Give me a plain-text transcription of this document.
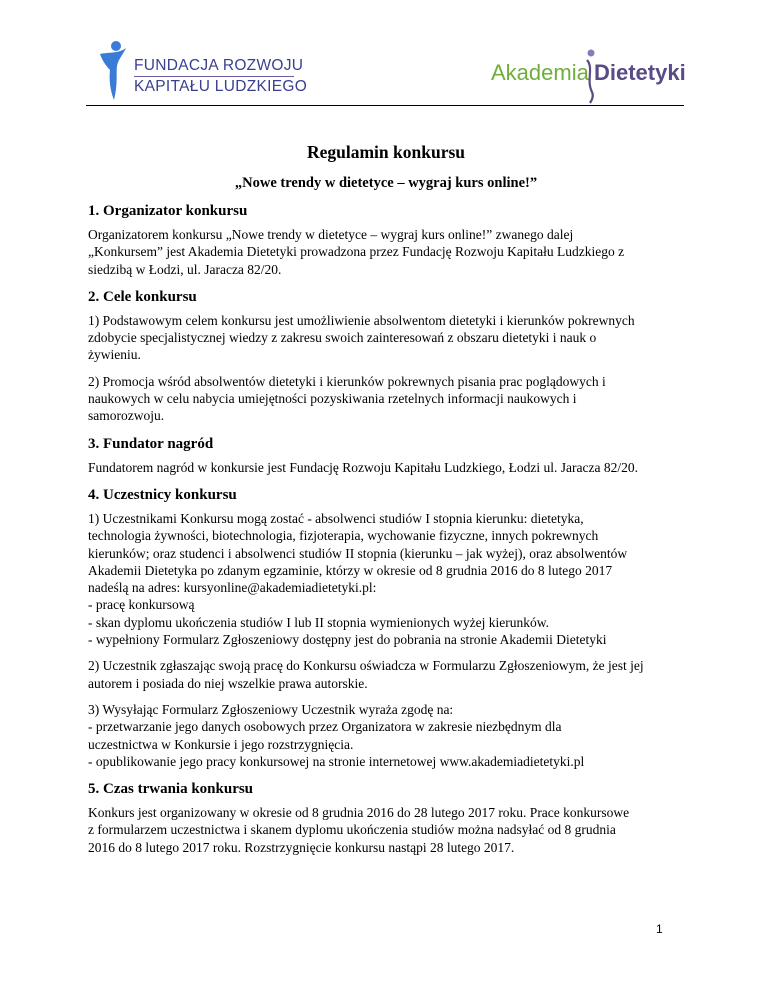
FUNDACJA ROZWOJU
KAPITAŁU LUDZKIEGO
Akademia Dietetyki
Regulamin konkursu
„Nowe trendy w dietetyce – wygraj kurs online!”
1. Organizator konkursu

Organizatorem konkursu „Nowe trendy w dietetyce – wygraj kurs online!” zwanego dalej
„Konkursem” jest Akademia Dietetyki prowadzona przez Fundację Rozwoju Kapitału Ludzkiego z
siedzibą w Łodzi, ul. Jaracza 82/20.

2. Cele konkursu

1) Podstawowym celem konkursu jest umożliwienie absolwentom dietetyki i kierunków pokrewnych
zdobycie specjalistycznej wiedzy z zakresu swoich zainteresowań z obszaru dietetyki i nauk o
żywieniu.

2) Promocja wśród absolwentów dietetyki i kierunków pokrewnych pisania prac poglądowych i
naukowych w celu nabycia umiejętności pozyskiwania rzetelnych informacji naukowych i
samorozwoju.

3. Fundator nagród

Fundatorem nagród w konkursie jest Fundację Rozwoju Kapitału Ludzkiego, Łodzi ul. Jaracza 82/20.

4. Uczestnicy konkursu

1) Uczestnikami Konkursu mogą zostać - absolwenci studiów I stopnia kierunku: dietetyka,
technologia żywności, biotechnologia, fizjoterapia, wychowanie fizyczne, innych pokrewnych
kierunków; oraz studenci i absolwenci studiów II stopnia (kierunku – jak wyżej), oraz absolwentów
Akademii Dietetyka po zdanym egzaminie, którzy w okresie od 8 grudnia 2016 do 8 lutego 2017
nadeślą na adres: kursyonline@akademiadietetyki.pl:
- pracę konkursową
- skan dyplomu ukończenia studiów I lub II stopnia wymienionych wyżej kierunków.
- wypełniony Formularz Zgłoszeniowy dostępny jest do pobrania na stronie Akademii Dietetyki

2) Uczestnik zgłaszając swoją pracę do Konkursu oświadcza w Formularzu Zgłoszeniowym, że jest jej
autorem i posiada do niej wszelkie prawa autorskie.

3) Wysyłając Formularz Zgłoszeniowy Uczestnik wyraża zgodę na:
- przetwarzanie jego danych osobowych przez Organizatora w zakresie niezbędnym dla
uczestnictwa w Konkursie i jego rozstrzygnięcia.
- opublikowanie jego pracy konkursowej na stronie internetowej www.akademiadietetyki.pl

5. Czas trwania konkursu

Konkurs jest organizowany w okresie od 8 grudnia 2016 do 28 lutego 2017 roku. Prace konkursowe
z formularzem uczestnictwa i skanem dyplomu ukończenia studiów można nadsyłać od 8 grudnia
2016 do 8 lutego 2017 roku. Rozstrzygnięcie konkursu nastąpi 28 lutego 2017.

1
